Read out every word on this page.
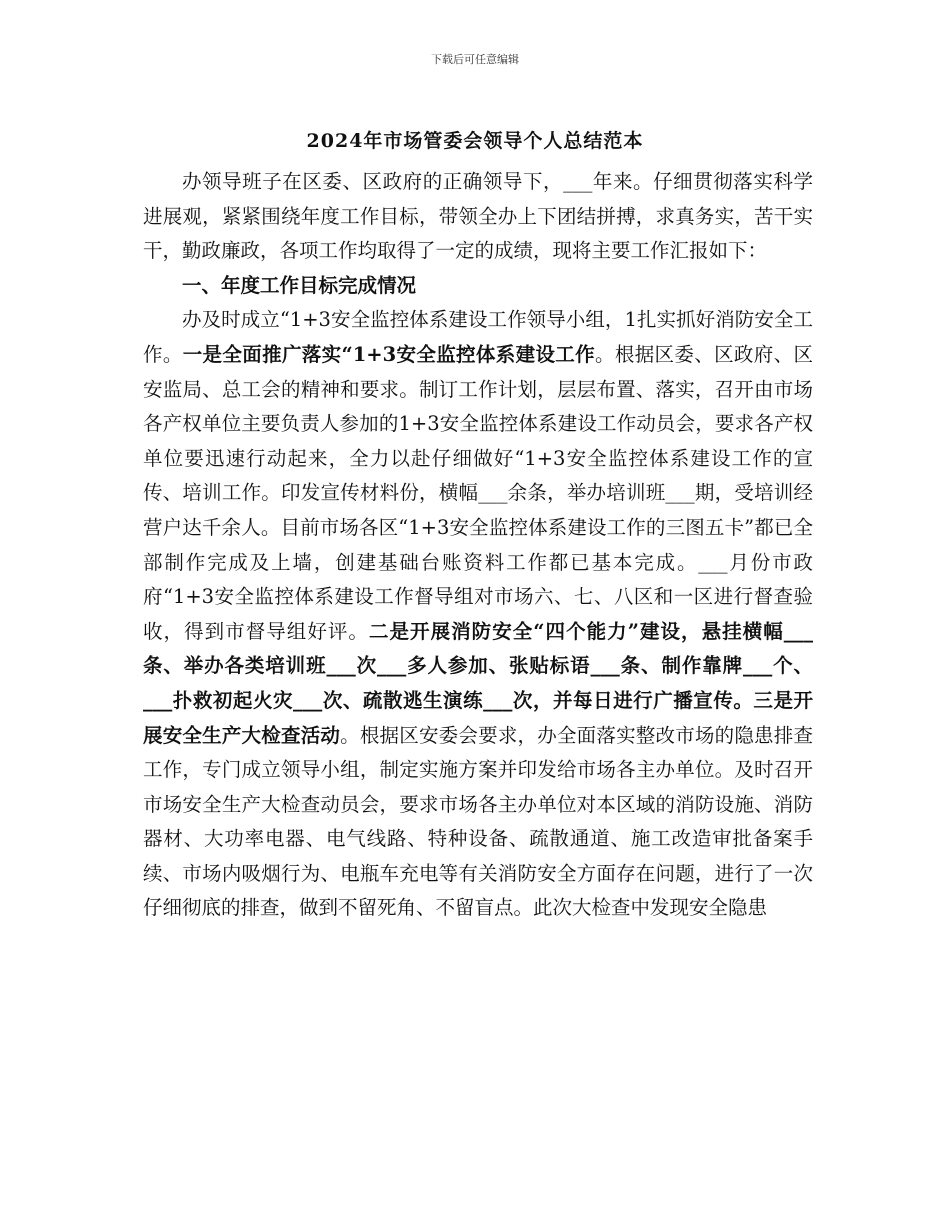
下载后可任意编辑
2024年市场管委会领导个人总结范本

办领导班子在区委、区政府的正确领导下，___年来。仔细贯彻落实科学进展观，紧紧围绕年度工作目标，带领全办上下团结拼搏，求真务实，苦干实干，勤政廉政，各项工作均取得了一定的成绩，现将主要工作汇报如下：

一、年度工作目标完成情况

办及时成立“1+3安全监控体系建设工作领导小组，1扎实抓好消防安全工作。一是全面推广落实“1+3安全监控体系建设工作。根据区委、区政府、区安监局、总工会的精神和要求。制订工作计划，层层布置、落实，召开由市场各产权单位主要负责人参加的1+3安全监控体系建设工作动员会，要求各产权单位要迅速行动起来，全力以赴仔细做好“1+3安全监控体系建设工作的宣传、培训工作。印发宣传材料份，横幅___余条，举办培训班___期，受培训经营户达千余人。目前市场各区“1+3安全监控体系建设工作的三图五卡”都已全部制作完成及上墙，创建基础台账资料工作都已基本完成。___月份市政府“1+3安全监控体系建设工作督导组对市场六、七、八区和一区进行督查验收，得到市督导组好评。二是开展消防安全“四个能力”建设，悬挂横幅___条、举办各类培训班___次___多人参加、张贴标语___条、制作靠牌___个、___扑救初起火灾___次、疏散逃生演练___次，并每日进行广播宣传。三是开展安全生产大检查活动。根据区安委会要求，办全面落实整改市场的隐患排查工作，专门成立领导小组，制定实施方案并印发给市场各主办单位。及时召开市场安全生产大检查动员会，要求市场各主办单位对本区域的消防设施、消防器材、大功率电器、电气线路、特种设备、疏散通道、施工改造审批备案手续、市场内吸烟行为、电瓶车充电等有关消防安全方面存在问题，进行了一次仔细彻底的排查，做到不留死角、不留盲点。此次大检查中发现安全隐患
